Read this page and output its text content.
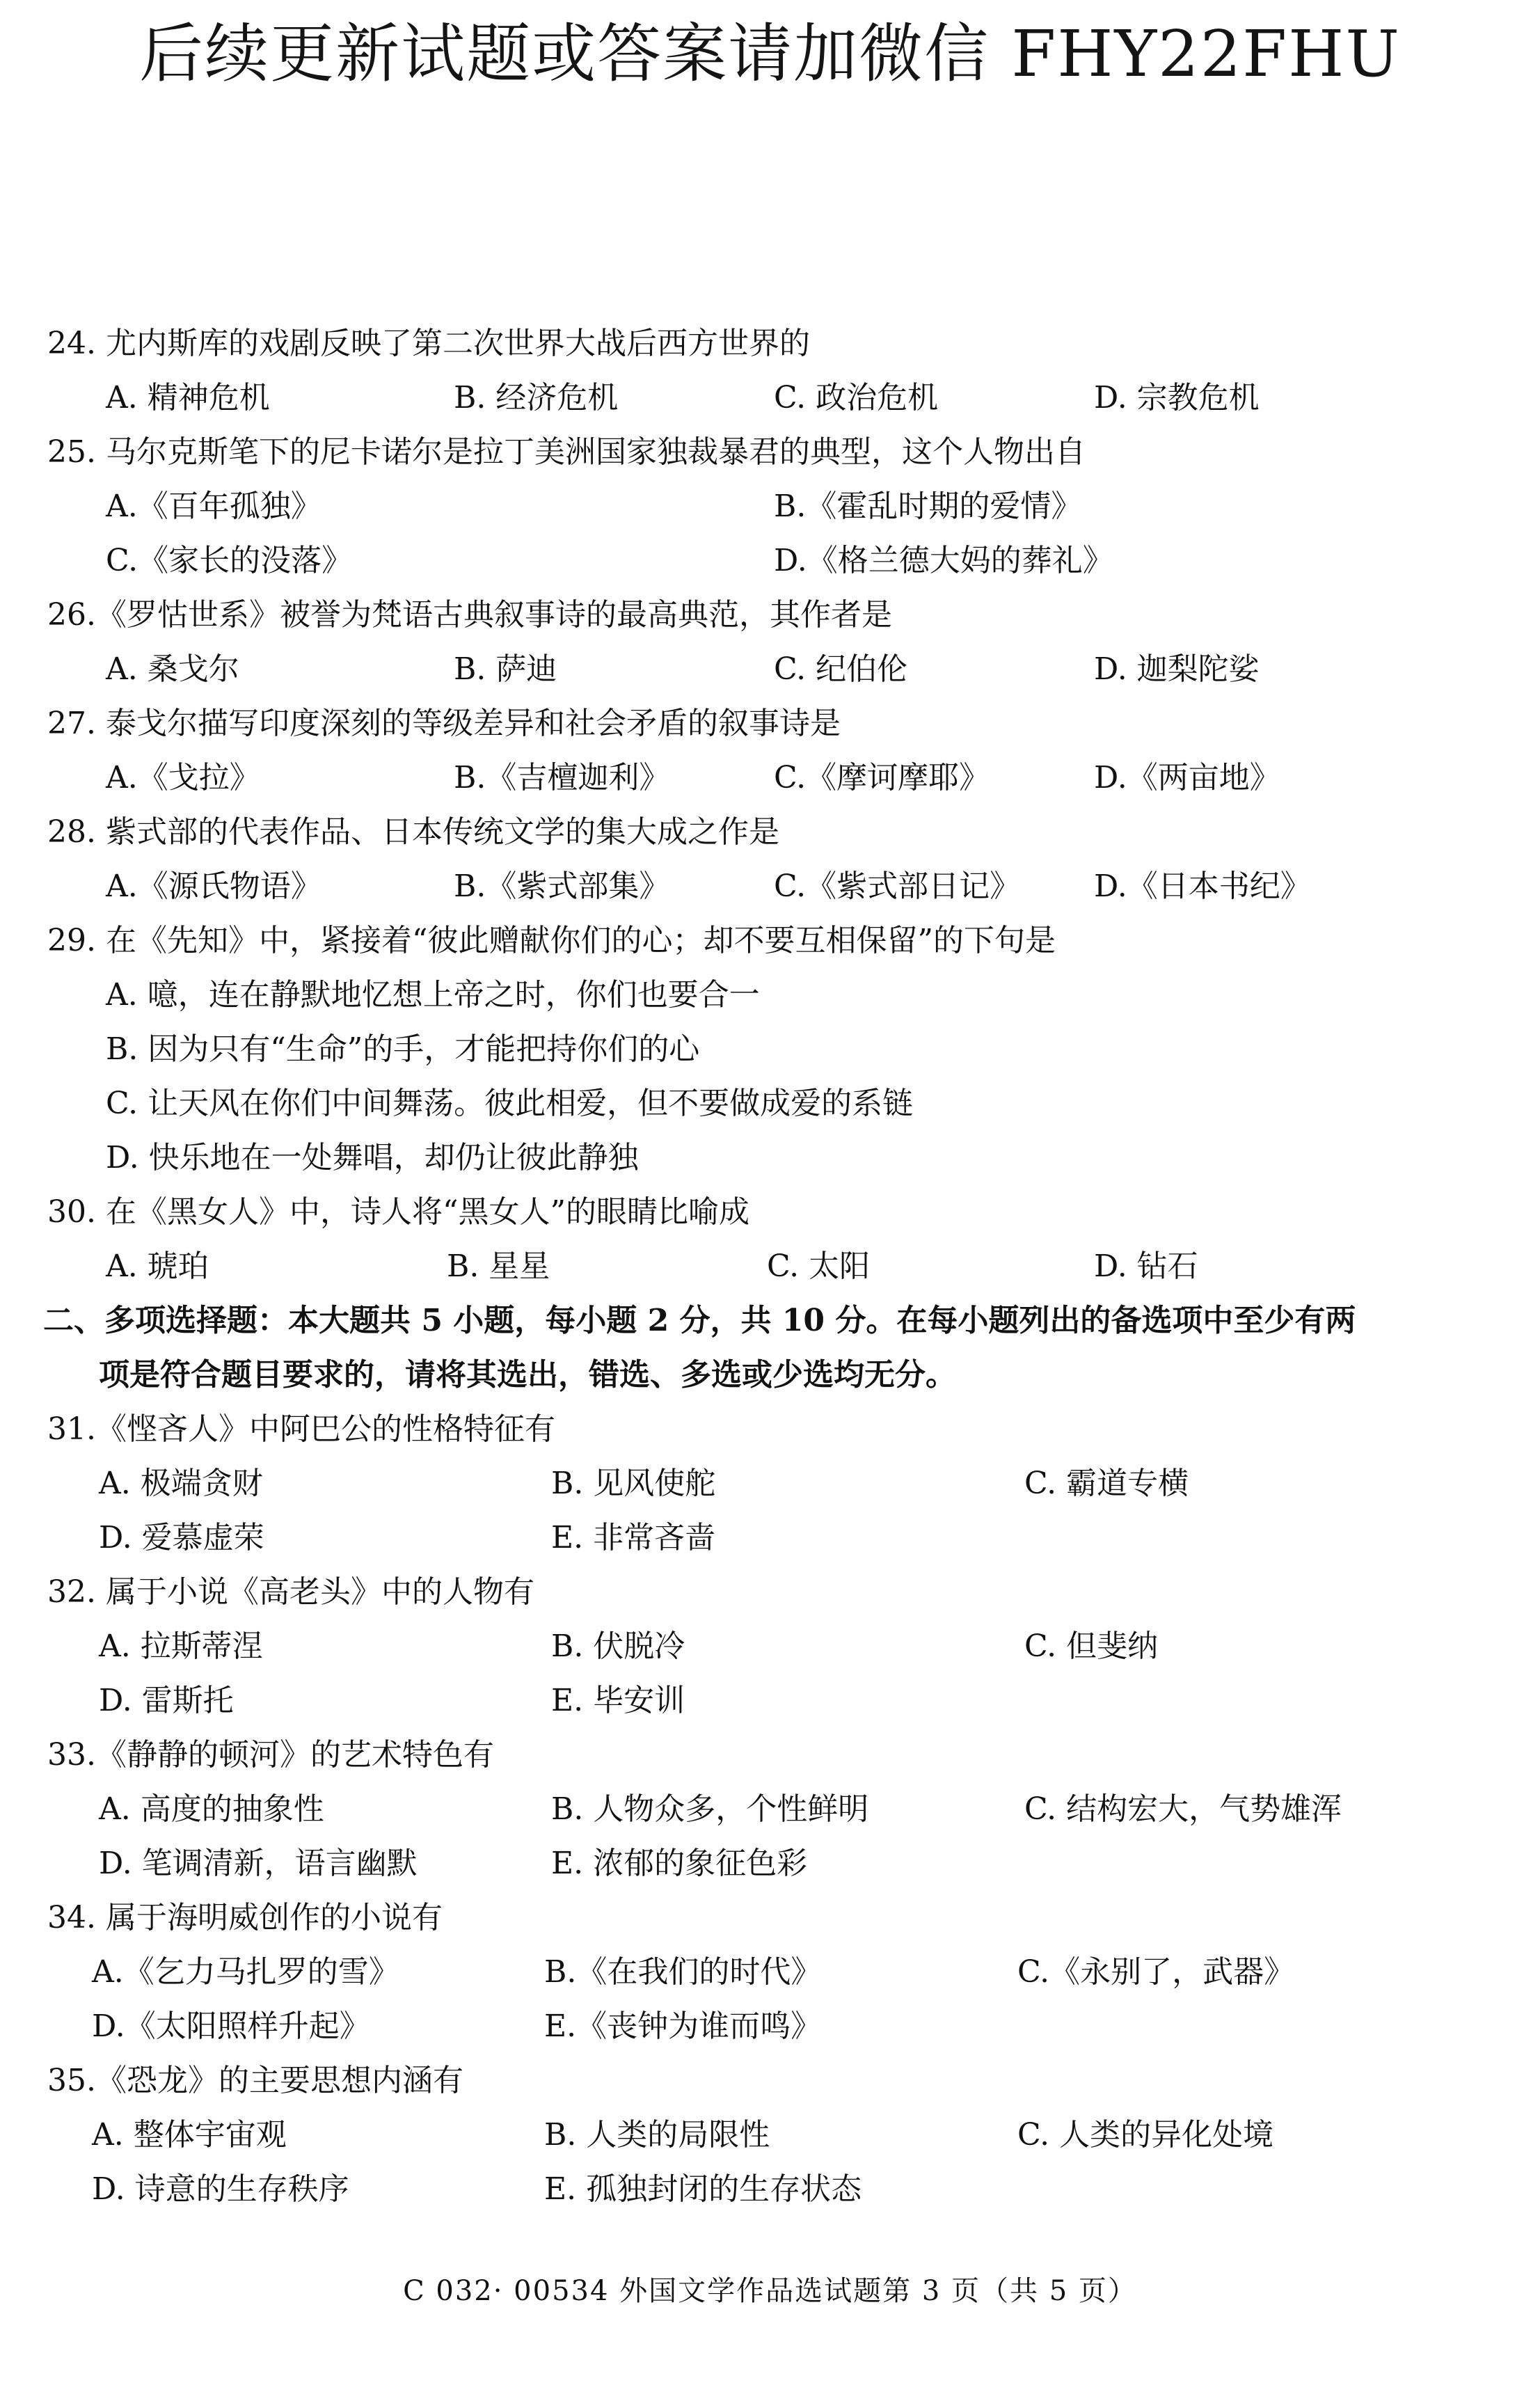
后续更新试题或答案请加微信 FHY22FHU
24. 尤内斯库的戏剧反映了第二次世界大战后西方世界的
A. 精神危机	B. 经济危机	C. 政治危机	D. 宗教危机
25. 马尔克斯笔下的尼卡诺尔是拉丁美洲国家独裁暴君的典型，这个人物出自
A.《百年孤独》	B.《霍乱时期的爱情》
C.《家长的没落》	D.《格兰德大妈的葬礼》
26.《罗怙世系》被誉为梵语古典叙事诗的最高典范，其作者是
A. 桑戈尔	B. 萨迪	C. 纪伯伦	D. 迦梨陀娑
27. 泰戈尔描写印度深刻的等级差异和社会矛盾的叙事诗是
A.《戈拉》	B.《吉檀迦利》	C.《摩诃摩耶》	D.《两亩地》
28. 紫式部的代表作品、日本传统文学的集大成之作是
A.《源氏物语》	B.《紫式部集》	C.《紫式部日记》 D.《日本书纪》
29. 在《先知》中，紧接着“彼此赠献你们的心；却不要互相保留”的下句是
A. 噫，连在静默地忆想上帝之时，你们也要合一
B. 因为只有“生命”的手，才能把持你们的心
C. 让天风在你们中间舞荡。彼此相爱，但不要做成爱的系链
D. 快乐地在一处舞唱，却仍让彼此静独
30. 在《黑女人》中，诗人将“黑女人”的眼睛比喻成
A. 琥珀	B. 星星	C. 太阳	D. 钻石
二、多项选择题：本大题共 5 小题，每小题 2 分，共 10 分。在每小题列出的备选项中至少有两
项是符合题目要求的，请将其选出，错选、多选或少选均无分。
31.《悭吝人》中阿巴公的性格特征有
A. 极端贪财	B. 见风使舵	C. 霸道专横
D. 爱慕虚荣	E. 非常吝啬
32. 属于小说《高老头》中的人物有
A. 拉斯蒂涅	B. 伏脱冷	C. 但斐纳
D. 雷斯托	E. 毕安训
33.《静静的顿河》的艺术特色有
A. 高度的抽象性	B. 人物众多，个性鲜明	C. 结构宏大，气势雄浑
D. 笔调清新，语言幽默	E. 浓郁的象征色彩
34. 属于海明威创作的小说有
A.《乞力马扎罗的雪》	B.《在我们的时代》	C.《永别了，武器》
D.《太阳照样升起》	E.《丧钟为谁而鸣》
35.《恐龙》的主要思想内涵有
A. 整体宇宙观	B. 人类的局限性	C. 人类的异化处境
D. 诗意的生存秩序	E. 孤独封闭的生存状态
C 032· 00534 外国文学作品选试题第 3 页（共 5 页）
